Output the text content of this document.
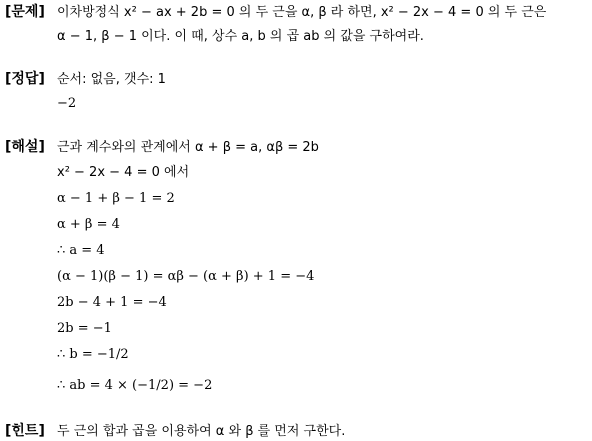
[문제] 이차방정식 x² − ax + 2b = 0 의 두 근을 α, β 라 하면, x² − 2x − 4 = 0 의 두 근은
α − 1, β − 1 이다. 이 때, 상수 a, b 의 곱 ab 의 값을 구하여라.
[정답] 순서: 없음, 갯수: 1
−2
[해설] 근과 계수와의 관계에서 α + β = a, αβ = 2b
x² − 2x − 4 = 0 에서
α − 1 + β − 1 = 2
α + β = 4
∴ a = 4
(α − 1)(β − 1) = αβ − (α + β) + 1 = −4
2b − 4 + 1 = −4
2b = −1
∴ b = −1/2
∴ ab = 4 × (−1/2) = −2
[힌트] 두 근의 합과 곱을 이용하여 α 와 β 를 먼저 구한다.
